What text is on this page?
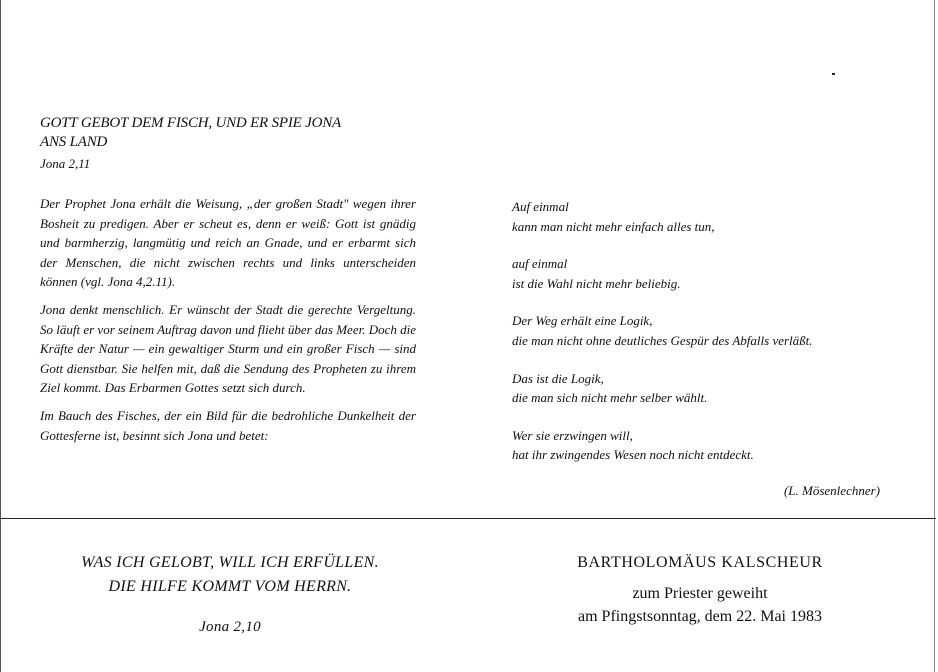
GOTT GEBOT DEM FISCH, UND ER SPIE JONA
ANS LAND
Jona 2,11

Der Prophet Jona erhält die Weisung, „der großen Stadt" wegen ihrer Bosheit zu predigen. Aber er scheut es, denn er weiß: Gott ist gnädig und barmherzig, langmütig und reich an Gnade, und er erbarmt sich der Menschen, die nicht zwischen rechts und links unterscheiden können (vgl. Jona 4,2.11).

Jona denkt menschlich. Er wünscht der Stadt die gerechte Vergeltung. So läuft er vor seinem Auftrag davon und flieht über das Meer. Doch die Kräfte der Natur — ein gewaltiger Sturm und ein großer Fisch — sind Gott dienstbar. Sie helfen mit, daß die Sendung des Propheten zu ihrem Ziel kommt. Das Erbarmen Gottes setzt sich durch.

Im Bauch des Fisches, der ein Bild für die bedrohliche Dunkelheit der Gottesferne ist, besinnt sich Jona und betet:

Auf einmal
kann man nicht mehr einfach alles tun,
auf einmal
ist die Wahl nicht mehr beliebig.
Der Weg erhält eine Logik,
die man nicht ohne deutliches Gespür des Abfalls verläßt.
Das ist die Logik,
die man sich nicht mehr selber wählt.
Wer sie erzwingen will,
hat ihr zwingendes Wesen noch nicht entdeckt.
(L. Mösenlechner)
WAS ICH GELOBT, WILL ICH ERFÜLLEN.
DIE HILFE KOMMT VOM HERRN.
Jona 2,10
BARTHOLOMÄUS KALSCHEUR
zum Priester geweiht
am Pfingstsonntag, dem 22. Mai 1983
